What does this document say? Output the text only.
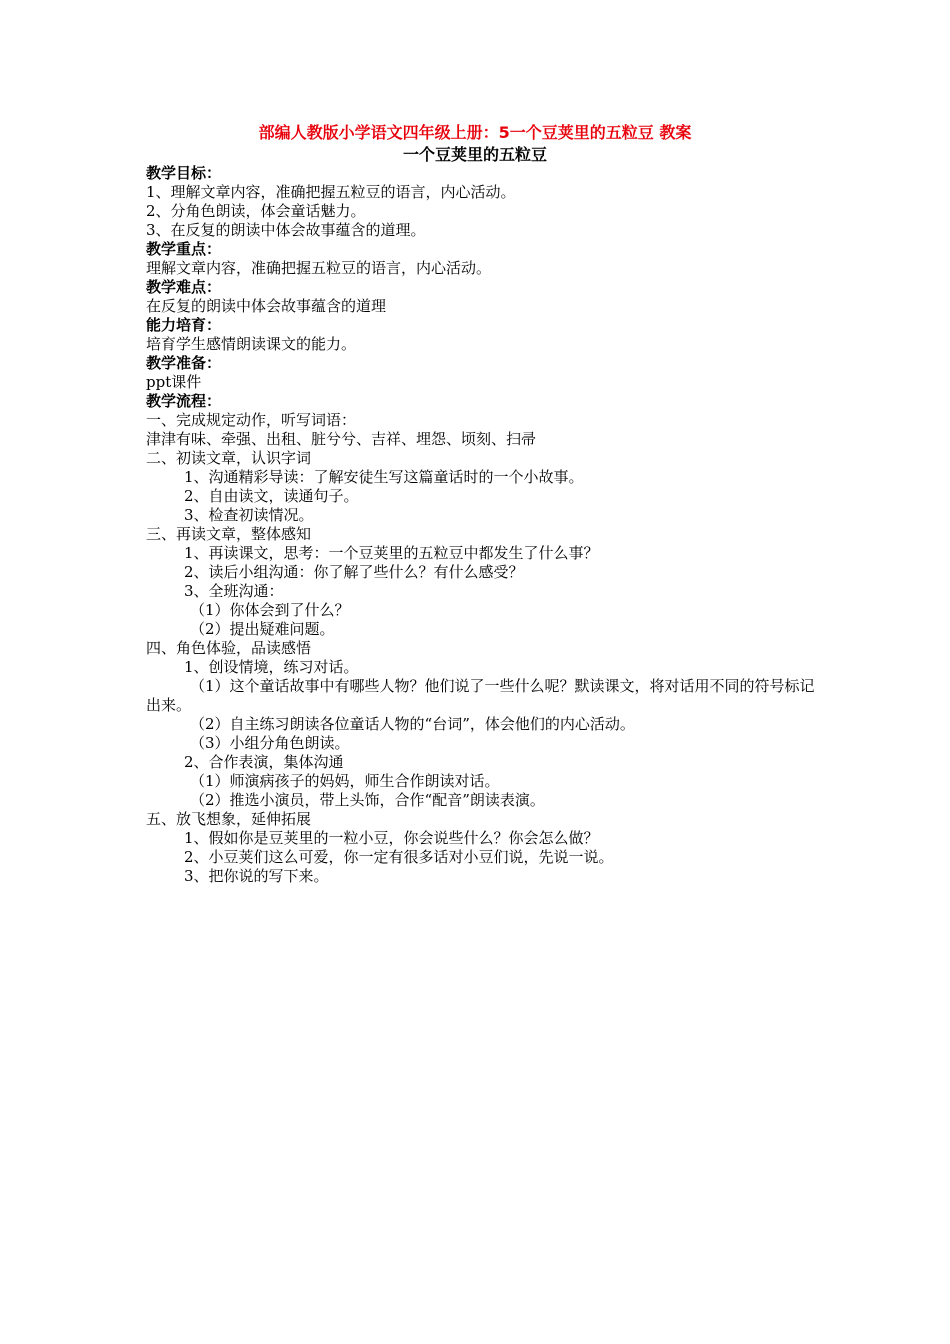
部编人教版小学语文四年级上册：5一个豆荚里的五粒豆 教案
一个豆荚里的五粒豆
教学目标：
1、理解文章内容，准确把握五粒豆的语言，内心活动。
2、分角色朗读，体会童话魅力。
3、在反复的朗读中体会故事蕴含的道理。
教学重点：
理解文章内容，准确把握五粒豆的语言，内心活动。
教学难点：
在反复的朗读中体会故事蕴含的道理
能力培育：
培育学生感情朗读课文的能力。
教学准备：
ppt课件
教学流程：
一、完成规定动作，听写词语：
津津有味、牵强、出租、脏兮兮、吉祥、埋怨、顷刻、扫帚
二、初读文章，认识字词
1、沟通精彩导读：了解安徒生写这篇童话时的一个小故事。
2、自由读文，读通句子。
3、检查初读情况。
三、再读文章，整体感知
1、再读课文，思考：一个豆荚里的五粒豆中都发生了什么事？
2、读后小组沟通：你了解了些什么？有什么感受？
3、全班沟通：
（1）你体会到了什么？
（2）提出疑难问题。
四、角色体验，品读感悟
1、创设情境，练习对话。
（1）这个童话故事中有哪些人物？他们说了一些什么呢？默读课文，将对话用不同的符号标记出来。
（2）自主练习朗读各位童话人物的“台词”，体会他们的内心活动。
（3）小组分角色朗读。
2、合作表演，集体沟通
（1）师演病孩子的妈妈，师生合作朗读对话。
（2）推选小演员，带上头饰，合作“配音”朗读表演。
五、放飞想象，延伸拓展
1、假如你是豆荚里的一粒小豆，你会说些什么？你会怎么做？
2、小豆荚们这么可爱，你一定有很多话对小豆们说，先说一说。
3、把你说的写下来。
